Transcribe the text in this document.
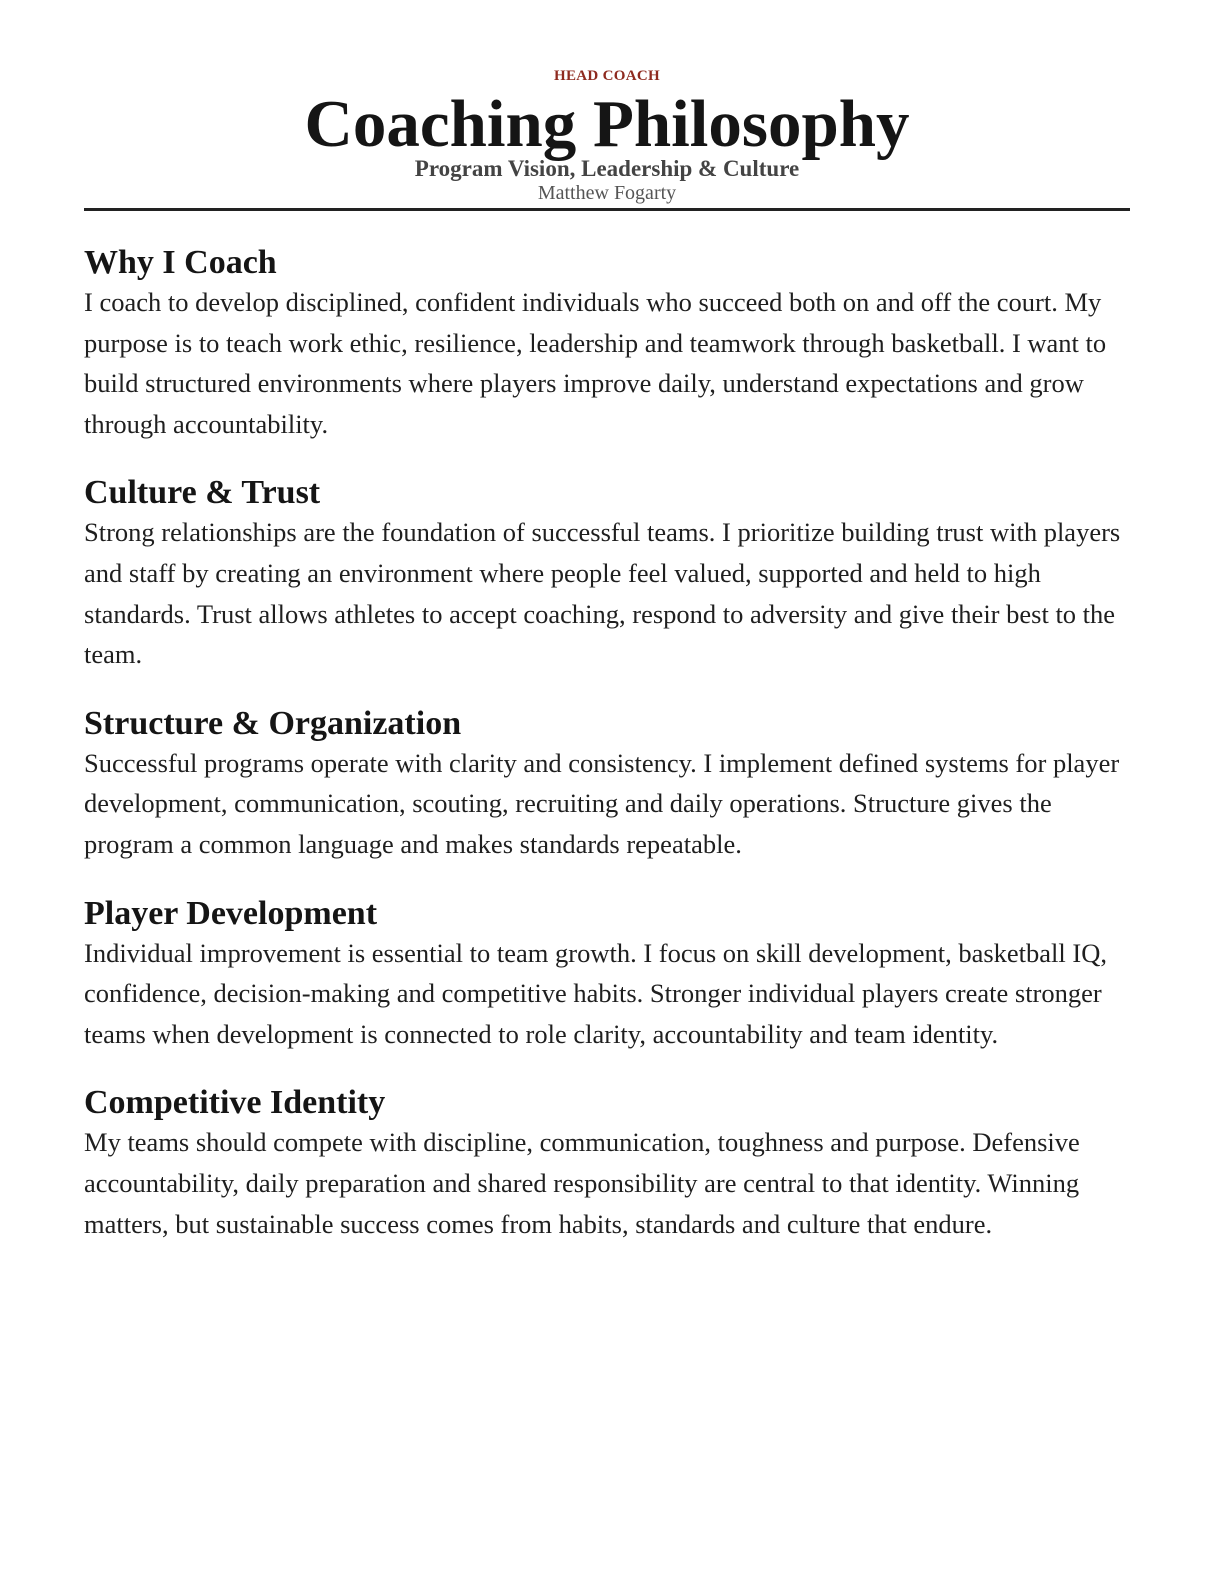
HEAD COACH
Coaching Philosophy
Program Vision, Leadership & Culture
Matthew Fogarty
Why I Coach

I coach to develop disciplined, confident individuals who succeed both on and off the court. My purpose is to teach work ethic, resilience, leadership and teamwork through basketball. I want to build structured environments where players improve daily, understand expectations and grow through accountability.

Culture & Trust

Strong relationships are the foundation of successful teams. I prioritize building trust with players and staff by creating an environment where people feel valued, supported and held to high standards. Trust allows athletes to accept coaching, respond to adversity and give their best to the team.

Structure & Organization

Successful programs operate with clarity and consistency. I implement defined systems for player development, communication, scouting, recruiting and daily operations. Structure gives the program a common language and makes standards repeatable.

Player Development

Individual improvement is essential to team growth. I focus on skill development, basketball IQ, confidence, decision-making and competitive habits. Stronger individual players create stronger teams when development is connected to role clarity, accountability and team identity.

Competitive Identity

My teams should compete with discipline, communication, toughness and purpose. Defensive accountability, daily preparation and shared responsibility are central to that identity. Winning matters, but sustainable success comes from habits, standards and culture that endure.
